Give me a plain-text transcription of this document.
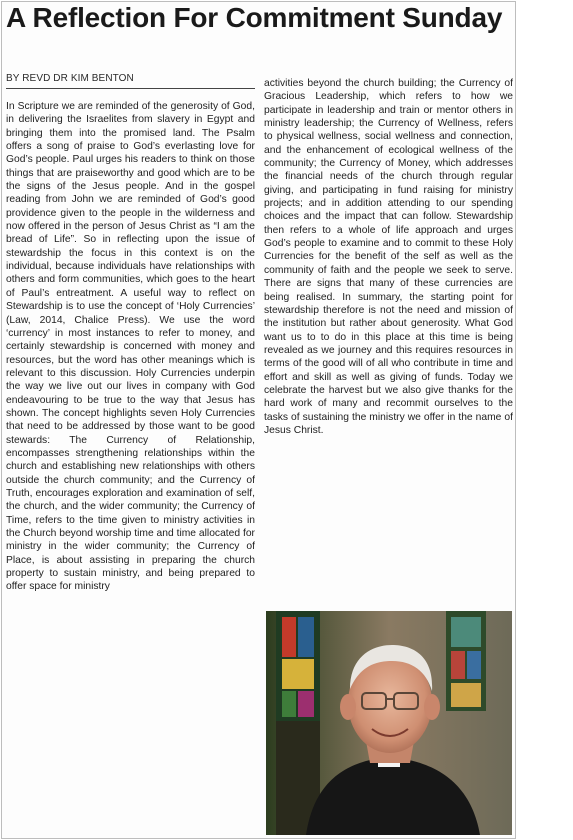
A Reflection For Commitment Sunday
BY REVD DR KIM BENTON

In Scripture we are reminded of the generosity of God, in delivering the Israelites from slavery in Egypt and bringing them into the promised land. The Psalm offers a song of praise to God’s everlasting love for God’s people. Paul urges his readers to think on those things that are praiseworthy and good which are to be the signs of the Jesus people. And in the gospel reading from John we are reminded of God’s good providence given to the people in the wilderness and now offered in the person of Jesus Christ as “I am the bread of Life”. So in reflecting upon the issue of stewardship the focus in this context is on the individual, because individuals have relationships with others and form communities, which goes to the heart of Paul’s entreatment. A useful way to reflect on Stewardship is to use the concept of ‘Holy Currencies’ (Law, 2014, Chalice Press). We use the word ‘currency’ in most instances to refer to money, and certainly stewardship is concerned with money and resources, but the word has other meanings which is relevant to this discussion. Holy Currencies underpin the way we live out our lives in company with God endeavouring to be true to the way that Jesus has shown. The concept highlights seven Holy Currencies that need to be addressed by those want to be good stewards: The Currency of Relationship, encompasses strengthening relationships within the church and establishing new relationships with others outside the church community; and the Currency of Truth, encourages exploration and examination of self, the church, and the wider community; the Currency of Time, refers to the time given to ministry activities in the Church beyond worship time and time allocated for ministry in the wider community; the Currency of Place, is about assisting in preparing the church property to sustain ministry, and being prepared to offer space for ministry

activities beyond the church building; the Currency of Gracious Leadership, which refers to how we participate in leadership and train or mentor others in ministry leadership; the Currency of Wellness, refers to physical wellness, social wellness and connection, and the enhancement of ecological wellness of the community; the Currency of Money, which addresses the financial needs of the church through regular giving, and participating in fund raising for ministry projects; and in addition attending to our spending choices and the impact that can follow. Stewardship then refers to a whole of life approach and urges God’s people to examine and to commit to these Holy Currencies for the benefit of the self as well as the community of faith and the people we seek to serve. There are signs that many of these currencies are being realised. In summary, the starting point for stewardship therefore is not the need and mission of the institution but rather about generosity. What God want us to to do in this place at this time is being revealed as we journey and this requires resources in terms of the good will of all who contribute in time and effort and skill as well as giving of funds. Today we celebrate the harvest but we also give thanks for the hard work of many and recommit ourselves to the tasks of sustaining the ministry we offer in the name of Jesus Christ.

Revd Dr Kim Benton
